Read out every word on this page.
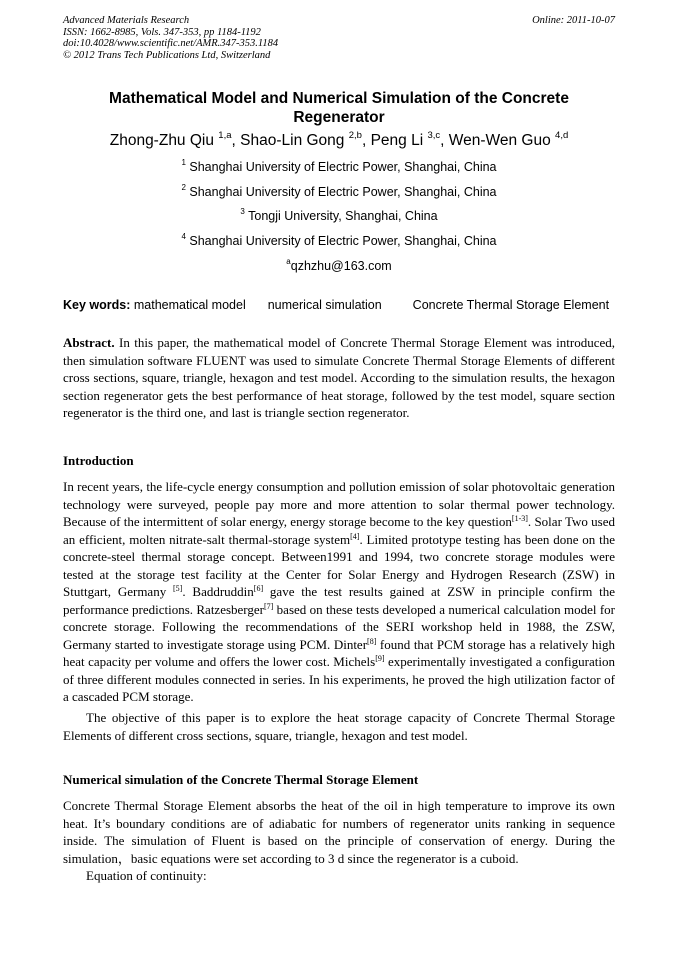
Advanced Materials Research
ISSN: 1662-8985, Vols. 347-353, pp 1184-1192
doi:10.4028/www.scientific.net/AMR.347-353.1184
© 2012 Trans Tech Publications Ltd, Switzerland
Online: 2011-10-07
Mathematical Model and Numerical Simulation of the Concrete Regenerator
Zhong-Zhu Qiu $^{1,a}$, Shao-Lin Gong $^{2,b}$, Peng Li $^{3,c}$, Wen-Wen Guo $^{4,d}$
$^1$ Shanghai University of Electric Power, Shanghai, China
$^2$ Shanghai University of Electric Power, Shanghai, China
$^3$ Tongji University, Shanghai, China
$^4$ Shanghai University of Electric Power, Shanghai, China
$^a$qzhzhu@163.com
Key words: mathematical model numerical simulation Concrete Thermal Storage Element
Abstract. In this paper, the mathematical model of Concrete Thermal Storage Element was introduced, then simulation software FLUENT was used to simulate Concrete Thermal Storage Elements of different cross sections, square, triangle, hexagon and test model. According to the simulation results, the hexagon section regenerator gets the best performance of heat storage, followed by the test model, square section regenerator is the third one, and last is triangle section regenerator.
Introduction
In recent years, the life-cycle energy consumption and pollution emission of solar photovoltaic generation technology were surveyed, people pay more and more attention to solar thermal power technology. Because of the intermittent of solar energy, energy storage become to the key question[1-3]. Solar Two used an efficient, molten nitrate-salt thermal-storage system[4]. Limited prototype testing has been done on the concrete-steel thermal storage concept. Between1991 and 1994, two concrete storage modules were tested at the storage test facility at the Center for Solar Energy and Hydrogen Research (ZSW) in Stuttgart, Germany [5]. Baddruddin[6] gave the test results gained at ZSW in principle confirm the performance predictions. Ratzesberger[7] based on these tests developed a numerical calculation model for concrete storage. Following the recommendations of the SERI workshop held in 1988, the ZSW, Germany started to investigate storage using PCM. Dinter[8] found that PCM storage has a relatively high heat capacity per volume and offers the lower cost. Michels[9] experimentally investigated a configuration of three different modules connected in series. In his experiments, he proved the high utilization factor of a cascaded PCM storage.
The objective of this paper is to explore the heat storage capacity of Concrete Thermal Storage Elements of different cross sections, square, triangle, hexagon and test model.
Numerical simulation of the Concrete Thermal Storage Element
Concrete Thermal Storage Element absorbs the heat of the oil in high temperature to improve its own heat. It’s boundary conditions are of adiabatic for numbers of regenerator units ranking in sequence inside. The simulation of Fluent is based on the principle of conservation of energy. During the simulation，basic equations were set according to 3 d since the regenerator is a cuboid.
Equation of continuity:
